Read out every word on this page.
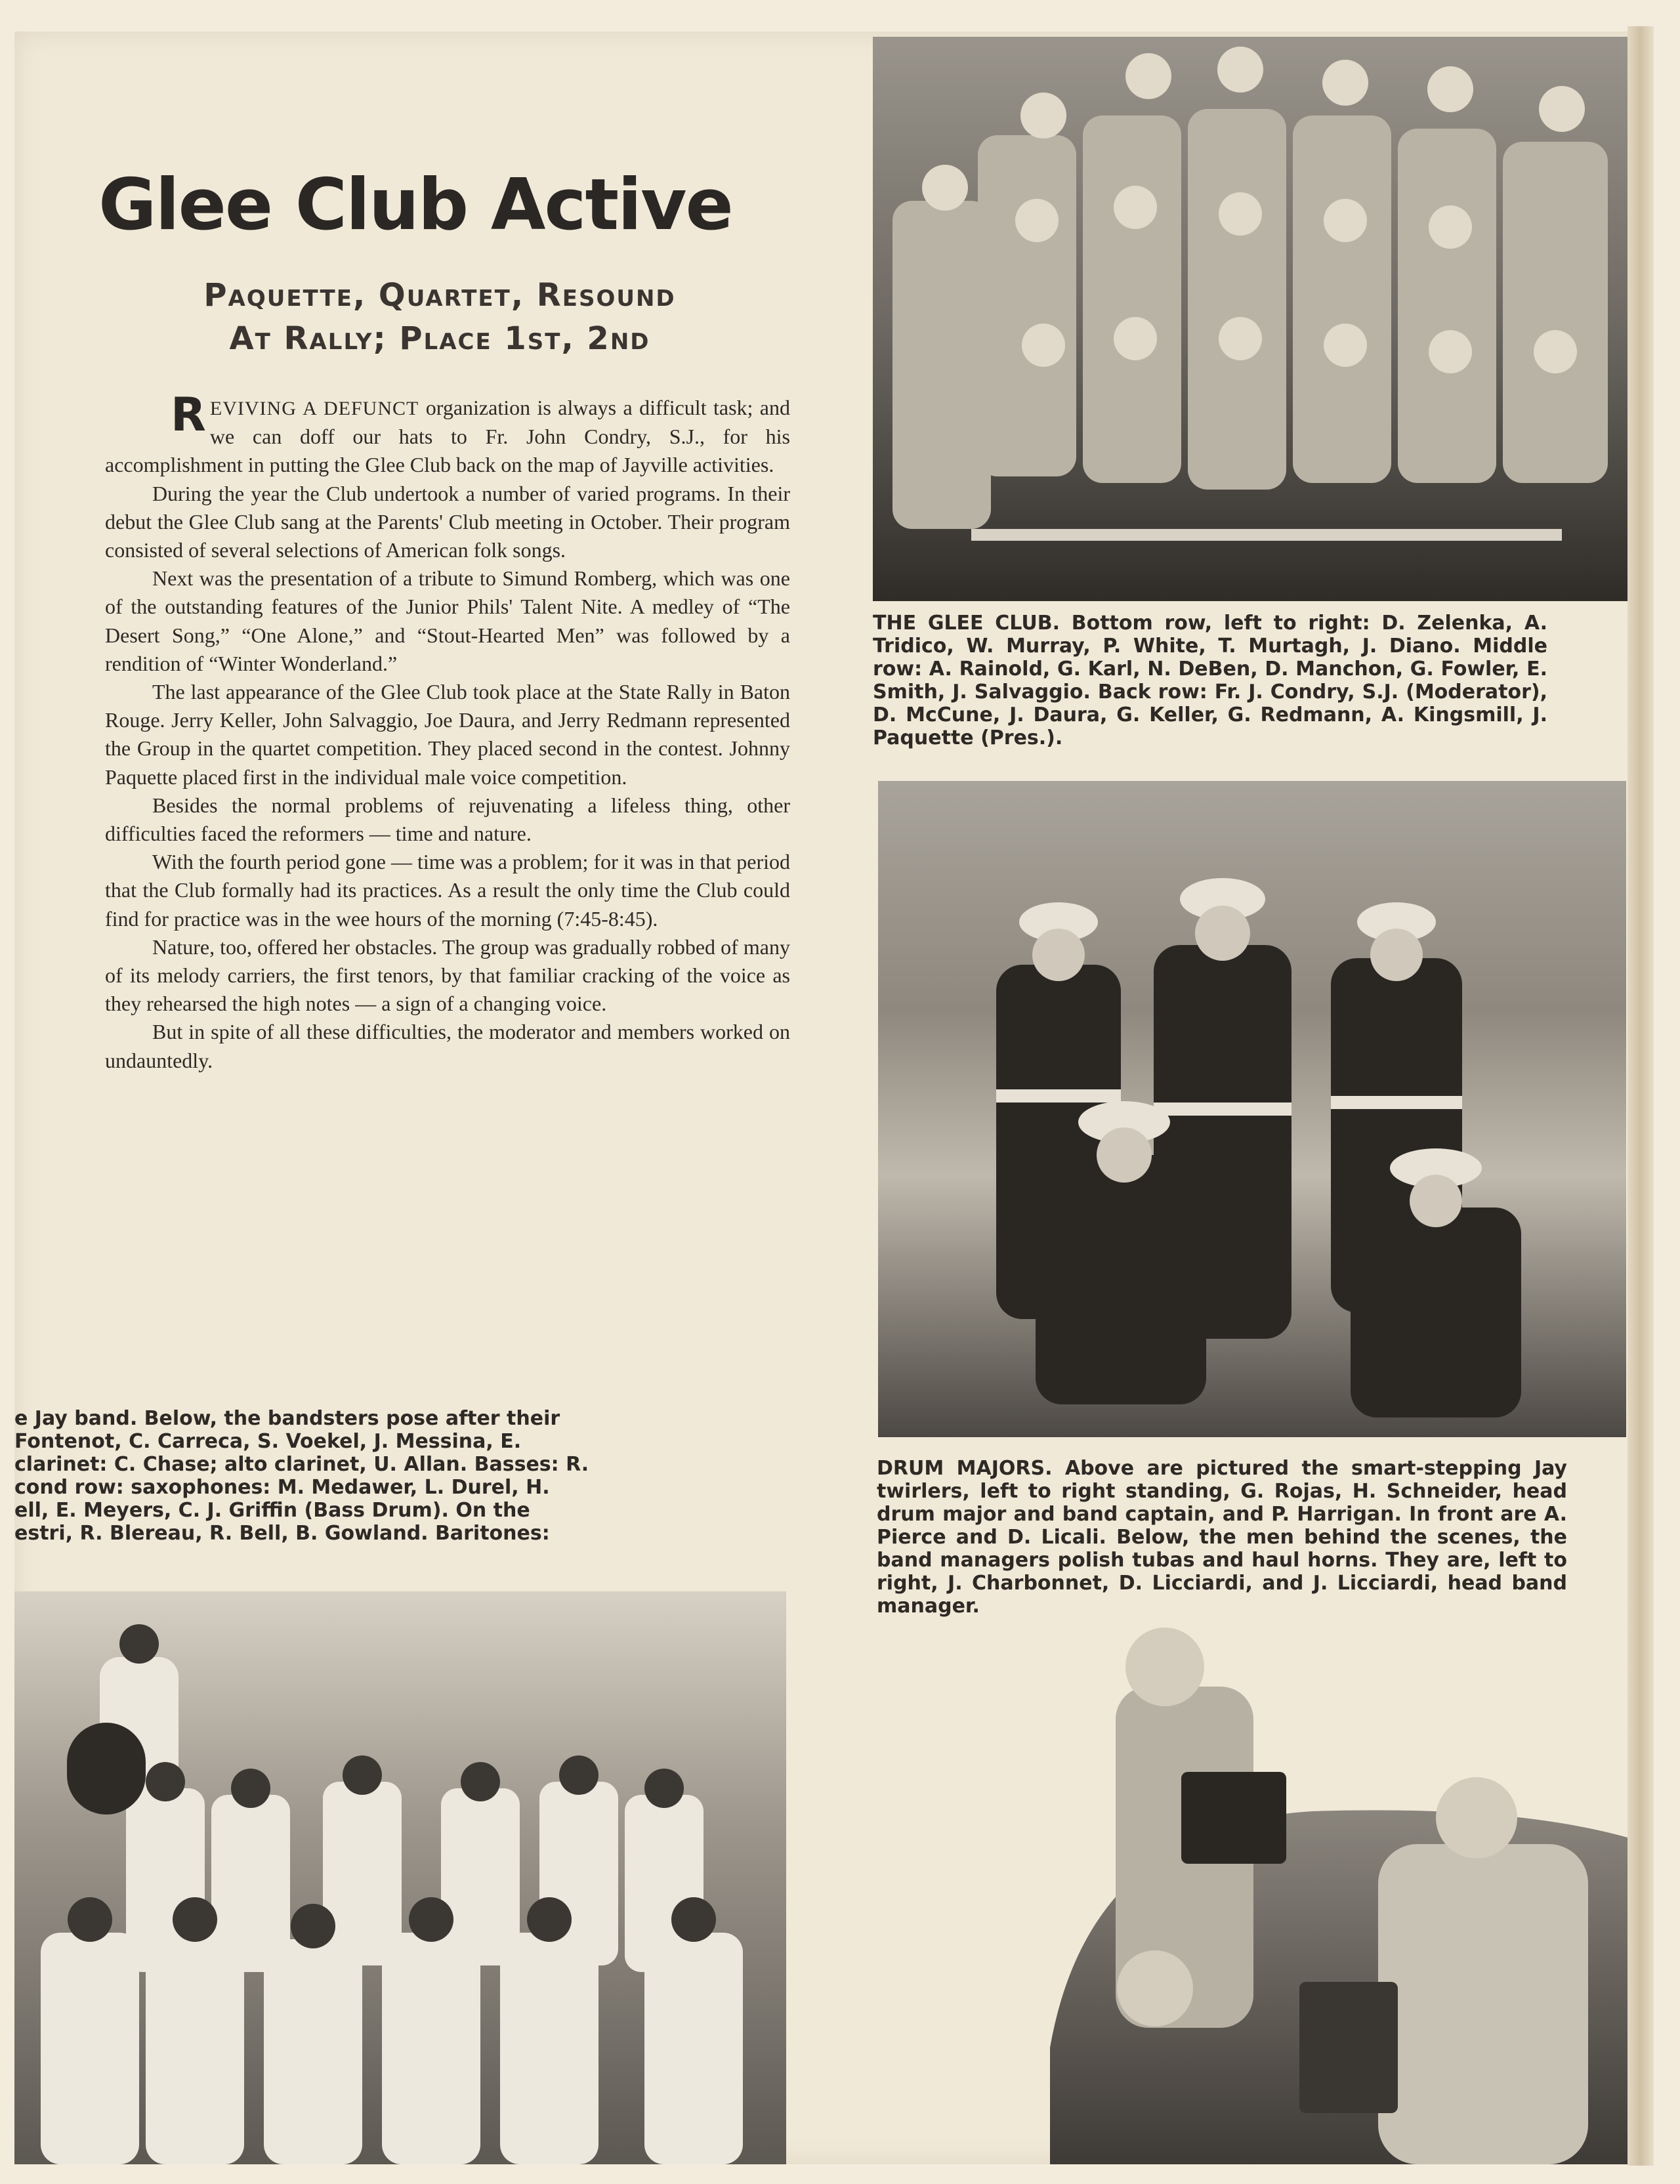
Glee Club Active
Paquette, Quartet, Resound
At Rally; Place 1st, 2nd

REVIVING A DEFUNCT organization is always a difficult task; and we can doff our hats to Fr. John Condry, S.J., for his accomplishment in putting the Glee Club back on the map of Jayville activities.

During the year the Club undertook a number of varied programs. In their debut the Glee Club sang at the Parents' Club meeting in October. Their program consisted of several selections of American folk songs.

Next was the presentation of a tribute to Simund Romberg, which was one of the outstanding features of the Junior Phils' Talent Nite. A medley of “The Desert Song,” “One Alone,” and “Stout-Hearted Men” was followed by a rendition of “Winter Wonderland.”

The last appearance of the Glee Club took place at the State Rally in Baton Rouge. Jerry Keller, John Salvaggio, Joe Daura, and Jerry Redmann represented the Group in the quartet competition. They placed second in the contest. Johnny Paquette placed first in the individual male voice competition.

Besides the normal problems of rejuvenating a lifeless thing, other difficulties faced the reformers — time and nature.

With the fourth period gone — time was a problem; for it was in that period that the Club formally had its practices. As a result the only time the Club could find for practice was in the wee hours of the morning (7:45-8:45).

Nature, too, offered her obstacles. The group was gradually robbed of many of its melody carriers, the first tenors, by that familiar cracking of the voice as they rehearsed the high notes — a sign of a changing voice.

But in spite of all these difficulties, the moderator and members worked on undauntedly.

THE GLEE CLUB. Bottom row, left to right: D. Zelenka, A. Tridico, W. Murray, P. White, T. Murtagh, J. Diano. Middle row: A. Rainold, G. Karl, N. DeBen, D. Manchon, G. Fowler, E. Smith, J. Salvaggio. Back row: Fr. J. Condry, S.J. (Moderator), D. McCune, J. Daura, G. Keller, G. Redmann, A. Kingsmill, J. Paquette (Pres.).

DRUM MAJORS. Above are pictured the smart-stepping Jay twirlers, left to right standing, G. Rojas, H. Schneider, head drum major and band captain, and P. Harrigan. In front are A. Pierce and D. Licali. Below, the men behind the scenes, the band managers polish tubas and haul horns. They are, left to right, J. Charbonnet, D. Licciardi, and J. Licciardi, head band manager.

e Jay band. Below, the bandsters pose after their
Fontenot, C. Carreca, S. Voekel, J. Messina, E.
clarinet: C. Chase; alto clarinet, U. Allan. Basses: R.
cond row: saxophones: M. Medawer, L. Durel, H.
ell, E. Meyers, C. J. Griffin (Bass Drum). On the
estri, R. Blereau, R. Bell, B. Gowland. Baritones:
